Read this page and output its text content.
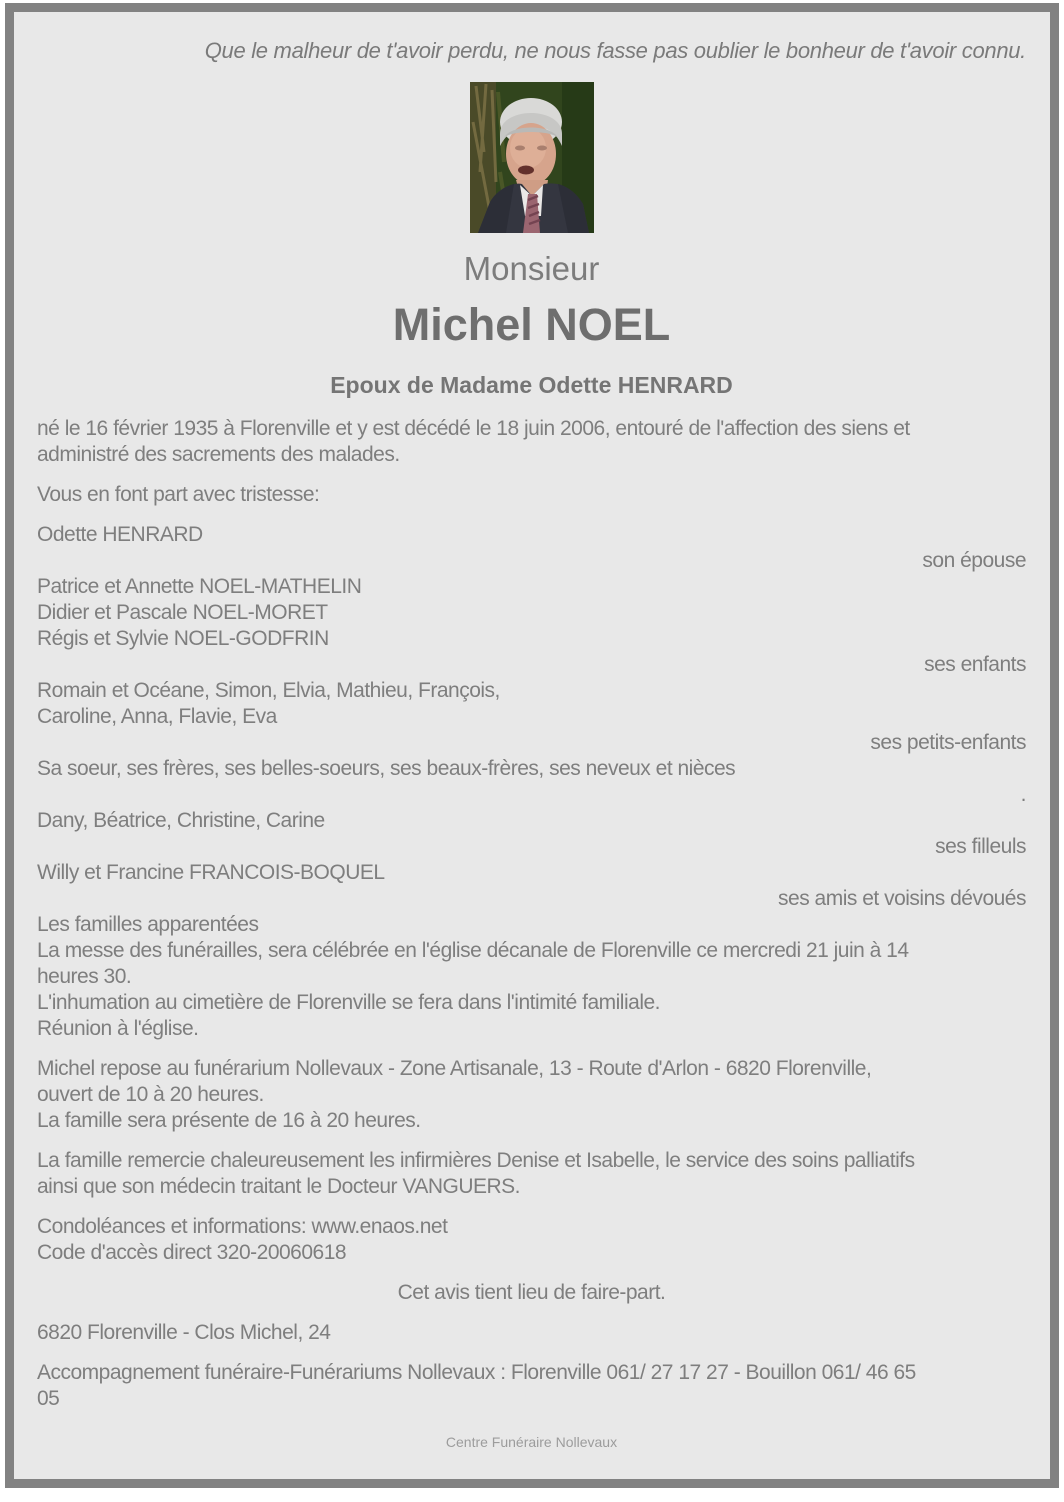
Que le malheur de t'avoir perdu, ne nous fasse pas oublier le bonheur de t'avoir connu.
Monsieur
Michel NOEL
Epoux de Madame Odette HENRARD
né le 16 février 1935 à Florenville et y est décédé le 18 juin 2006, entouré de l'affection des siens et
administré des sacrements des malades.
Vous en font part avec tristesse:
Odette HENRARD
son épouse
Patrice et Annette NOEL-MATHELIN
Didier et Pascale NOEL-MORET
Régis et Sylvie NOEL-GODFRIN
ses enfants
Romain et Océane, Simon, Elvia, Mathieu, François,
Caroline, Anna, Flavie, Eva
ses petits-enfants
Sa soeur, ses frères, ses belles-soeurs, ses beaux-frères, ses neveux et nièces
.
Dany, Béatrice, Christine, Carine
ses filleuls
Willy et Francine FRANCOIS-BOQUEL
ses amis et voisins dévoués
Les familles apparentées
La messe des funérailles, sera célébrée en l'église décanale de Florenville ce mercredi 21 juin à 14
heures 30.
L'inhumation au cimetière de Florenville se fera dans l'intimité familiale.
Réunion à l'église.
Michel repose au funérarium Nollevaux - Zone Artisanale, 13 - Route d'Arlon - 6820 Florenville,
ouvert de 10 à 20 heures.
La famille sera présente de 16 à 20 heures.
La famille remercie chaleureusement les infirmières Denise et Isabelle, le service des soins palliatifs
ainsi que son médecin traitant le Docteur VANGUERS.
Condoléances et informations: www.enaos.net
Code d'accès direct 320-20060618
Cet avis tient lieu de faire-part.
6820 Florenville - Clos Michel, 24
Accompagnement funéraire-Funérariums Nollevaux : Florenville 061/ 27 17 27 - Bouillon 061/ 46 65
05
Centre Funéraire Nollevaux
